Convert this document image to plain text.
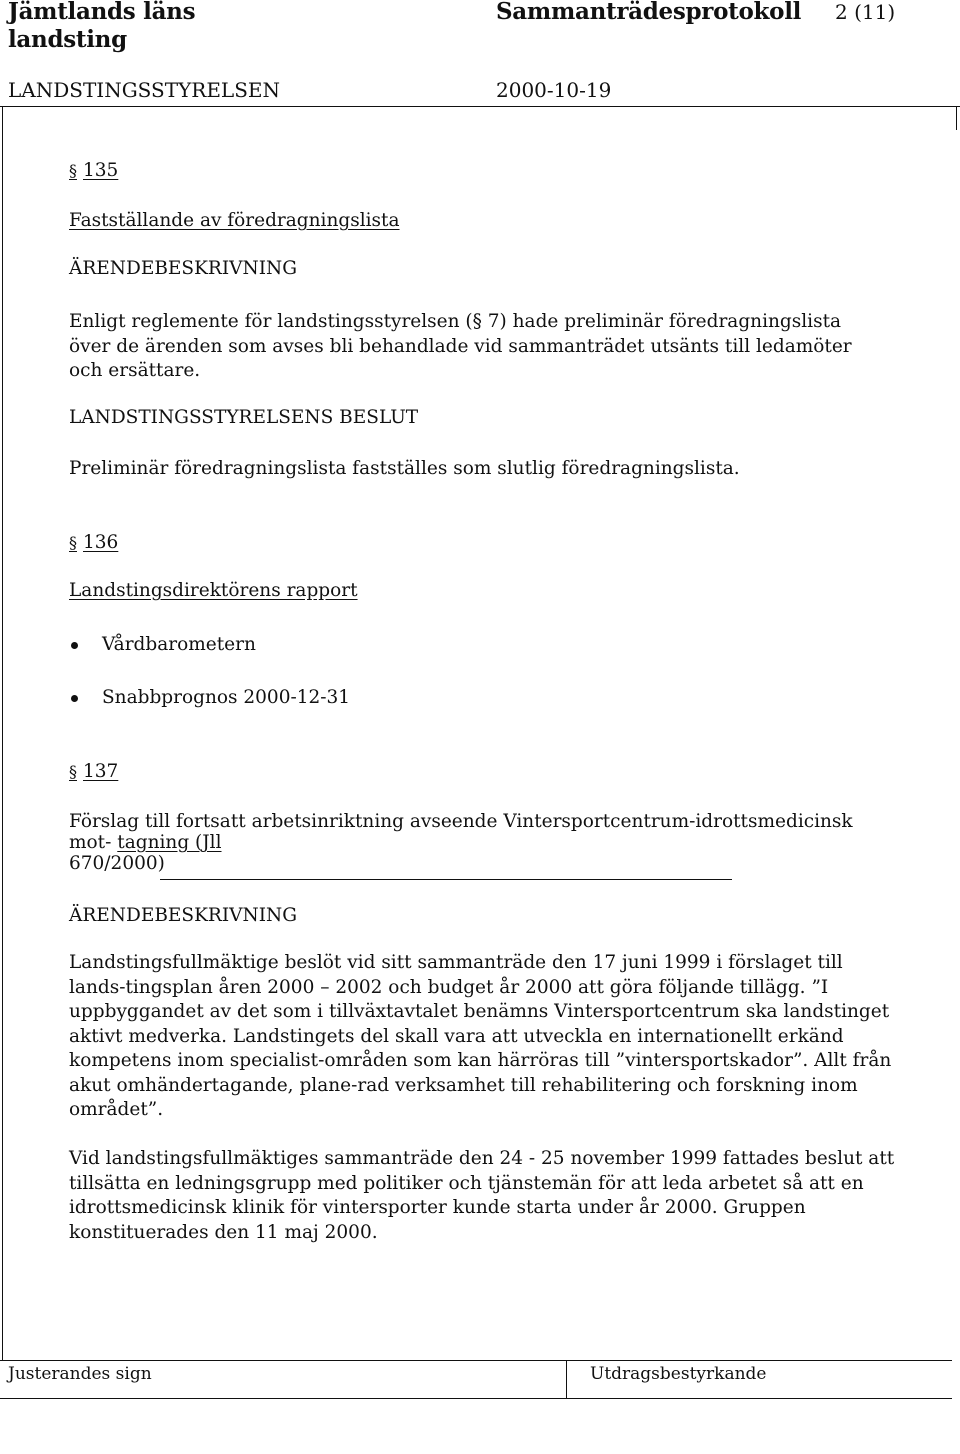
Jämtlands läns
landsting
Sammanträdesprotokoll 2 (11)
LANDSTINGSSTYRELSEN	2000-10-19
§ 135
Fastställande av föredragningslista
ÄRENDEBESKRIVNING
Enligt reglemente för landstingsstyrelsen (§ 7) hade preliminär föredragningslista över de ärenden som avses bli behandlade vid sammanträdet utsänts till ledamöter och ersättare.
LANDSTINGSSTYRELSENS BESLUT
Preliminär föredragningslista fastställes som slutlig föredragningslista.
§ 136
Landstingsdirektörens rapport
Vårdbarometern
Snabbprognos 2000-12-31
§ 137
Förslag till fortsatt arbetsinriktning avseende Vintersportcentrum-idrottsmedicinsk
mot- tagning (Jll
670/2000)
ÄRENDEBESKRIVNING
Landstingsfullmäktige beslöt vid sitt sammanträde den 17 juni 1999 i förslaget till lands-tingsplan åren 2000 – 2002 och budget år 2000 att göra följande tillägg. ”I uppbyggandet av det som i tillväxtavtalet benämns Vintersportcentrum ska landstinget aktivt medverka. Landstingets del skall vara att utveckla en internationellt erkänd kompetens inom specialist-områden som kan härröras till ”vintersportskador”. Allt från akut omhändertagande, plane-rad verksamhet till rehabilitering och forskning inom området”.
Vid landstingsfullmäktiges sammanträde den 24 - 25 november 1999 fattades beslut att tillsätta en ledningsgrupp med politiker och tjänstemän för att leda arbetet så att en idrottsmedicinsk klinik för vintersporter kunde starta under år 2000. Gruppen konstituerades den 11 maj 2000.
Justerandes sign	Utdragsbestyrkande
